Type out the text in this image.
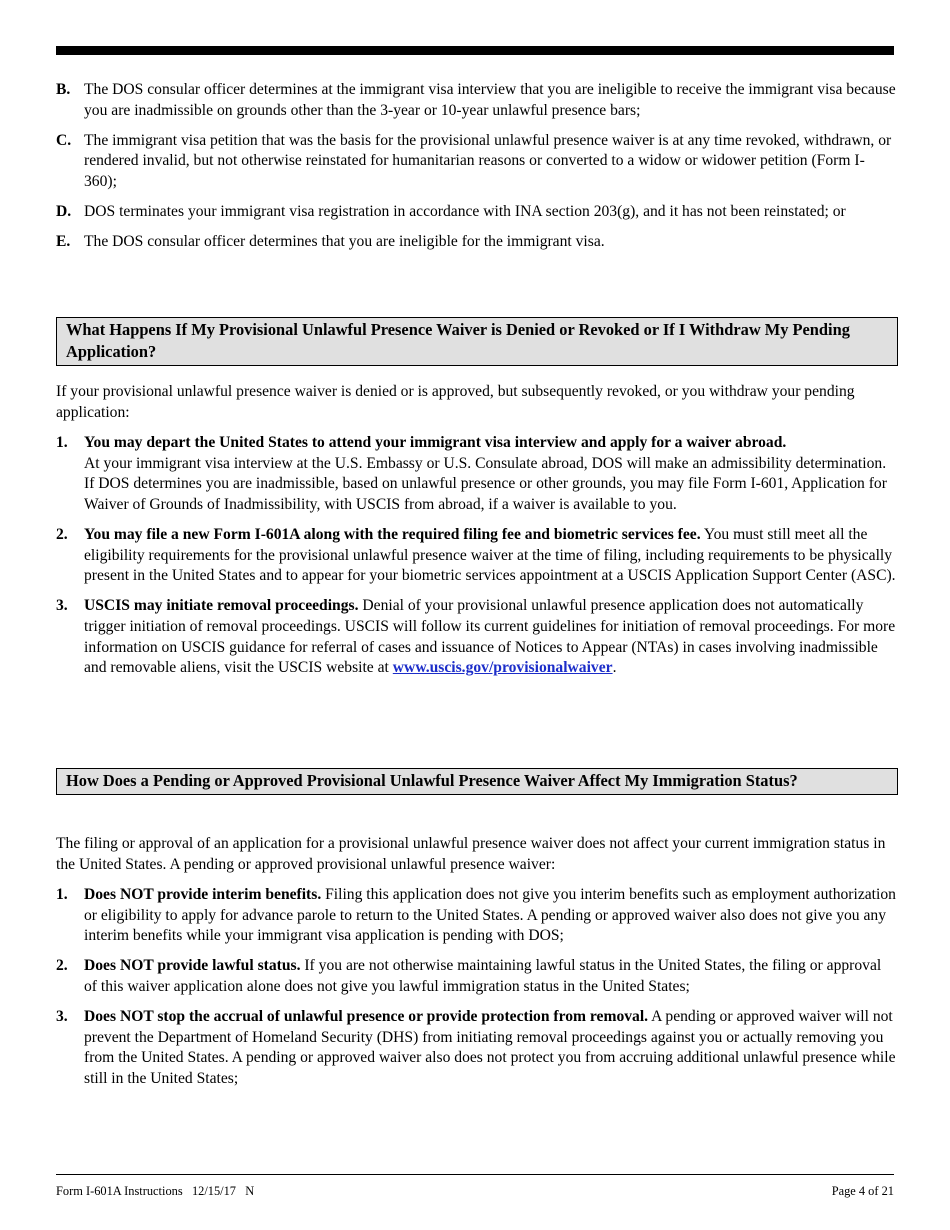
B. The DOS consular officer determines at the immigrant visa interview that you are ineligible to receive the immigrant visa because you are inadmissible on grounds other than the 3-year or 10-year unlawful presence bars;
C. The immigrant visa petition that was the basis for the provisional unlawful presence waiver is at any time revoked, withdrawn, or rendered invalid, but not otherwise reinstated for humanitarian reasons or converted to a widow or widower petition (Form I-360);
D. DOS terminates your immigrant visa registration in accordance with INA section 203(g), and it has not been reinstated; or
E. The DOS consular officer determines that you are ineligible for the immigrant visa.
What Happens If My Provisional Unlawful Presence Waiver is Denied or Revoked or If I Withdraw My Pending Application?
If your provisional unlawful presence waiver is denied or is approved, but subsequently revoked, or you withdraw your pending application:
1. You may depart the United States to attend your immigrant visa interview and apply for a waiver abroad.
At your immigrant visa interview at the U.S. Embassy or U.S. Consulate abroad, DOS will make an admissibility determination. If DOS determines you are inadmissible, based on unlawful presence or other grounds, you may file Form I-601, Application for Waiver of Grounds of Inadmissibility, with USCIS from abroad, if a waiver is available to you.
2. You may file a new Form I-601A along with the required filing fee and biometric services fee. You must still meet all the eligibility requirements for the provisional unlawful presence waiver at the time of filing, including requirements to be physically present in the United States and to appear for your biometric services appointment at a USCIS Application Support Center (ASC).
3. USCIS may initiate removal proceedings. Denial of your provisional unlawful presence application does not automatically trigger initiation of removal proceedings. USCIS will follow its current guidelines for initiation of removal proceedings. For more information on USCIS guidance for referral of cases and issuance of Notices to Appear (NTAs) in cases involving inadmissible and removable aliens, visit the USCIS website at www.uscis.gov/provisionalwaiver.
How Does a Pending or Approved Provisional Unlawful Presence Waiver Affect My Immigration Status?
The filing or approval of an application for a provisional unlawful presence waiver does not affect your current immigration status in the United States. A pending or approved provisional unlawful presence waiver:
1. Does NOT provide interim benefits. Filing this application does not give you interim benefits such as employment authorization or eligibility to apply for advance parole to return to the United States. A pending or approved waiver also does not give you any interim benefits while your immigrant visa application is pending with DOS;
2. Does NOT provide lawful status. If you are not otherwise maintaining lawful status in the United States, the filing or approval of this waiver application alone does not give you lawful immigration status in the United States;
3. Does NOT stop the accrual of unlawful presence or provide protection from removal. A pending or approved waiver will not prevent the Department of Homeland Security (DHS) from initiating removal proceedings against you or actually removing you from the United States. A pending or approved waiver also does not protect you from accruing additional unlawful presence while still in the United States;
Form I-601A Instructions   12/15/17   N	Page 4 of 21
